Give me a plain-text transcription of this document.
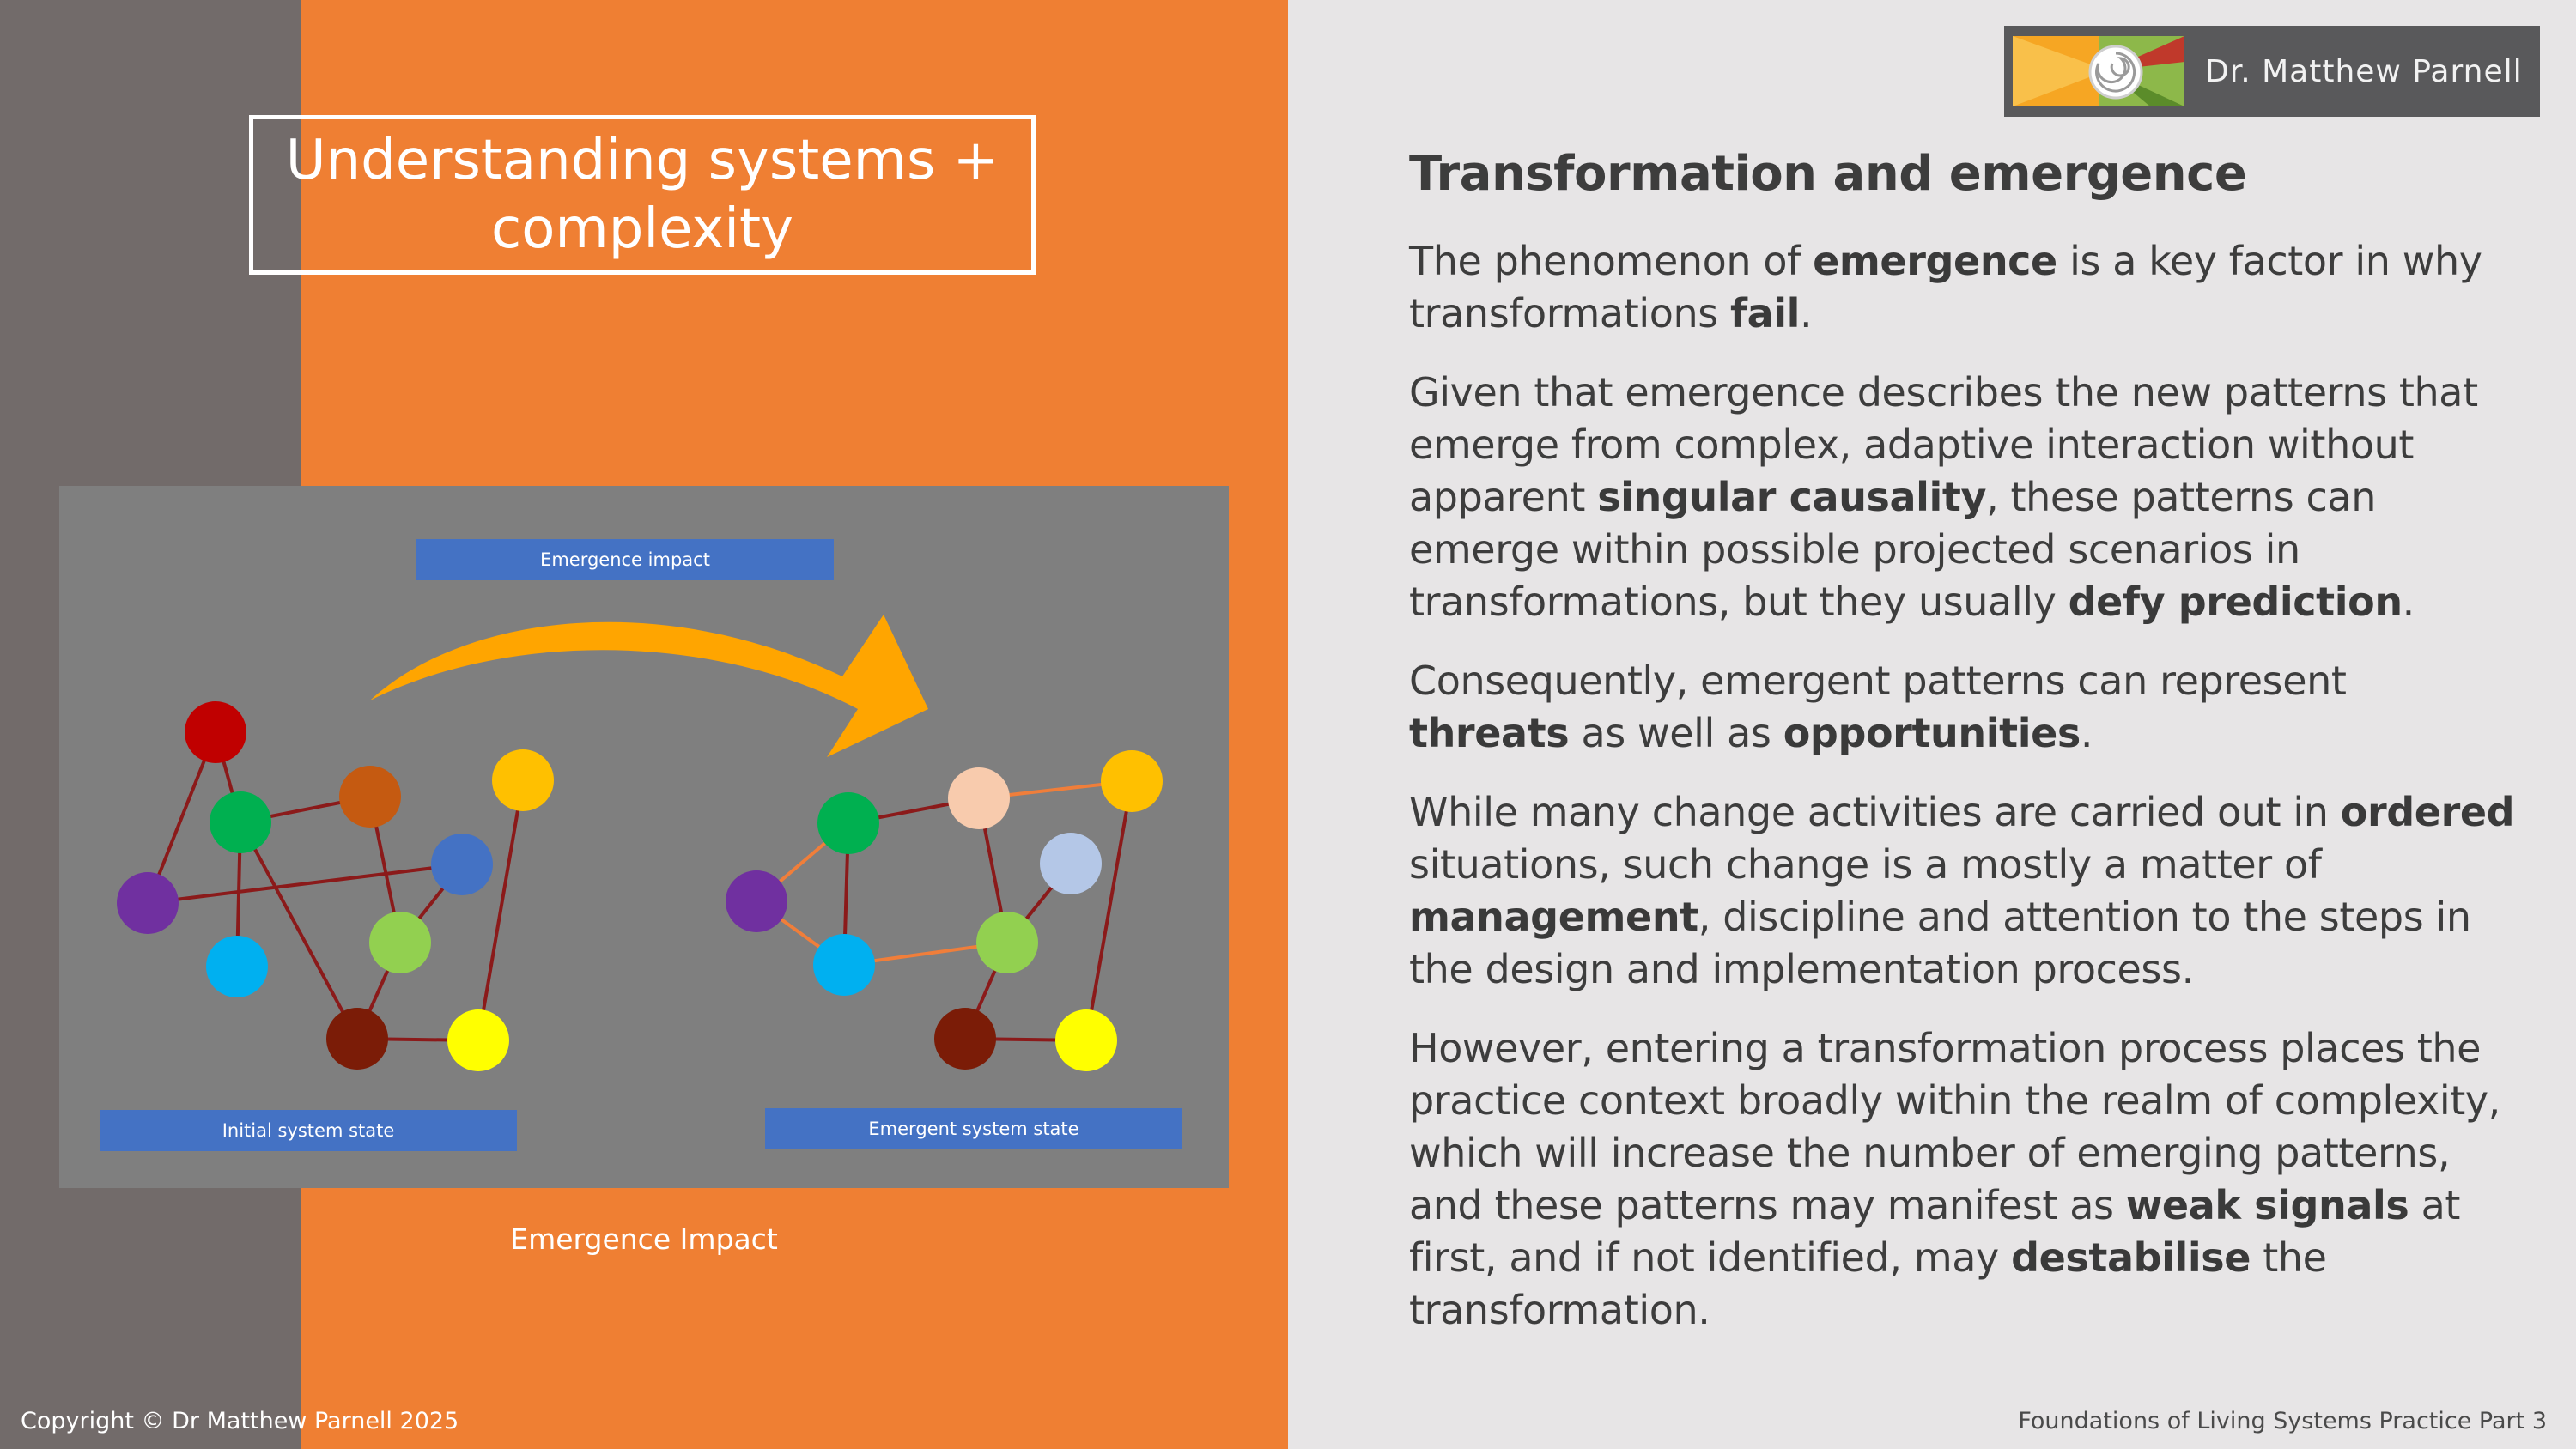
Understanding systems +
complexity
Emergence impact
Initial system state	Emergent system state
Emergence Impact
Dr. Matthew Parnell
Transformation and emergence

The phenomenon of emergence is a key factor in why transformations fail.

Given that emergence describes the new patterns that emerge from complex, adaptive interaction without apparent singular causality, these patterns can emerge within possible projected scenarios in transformations, but they usually defy prediction.

Consequently, emergent patterns can represent threats as well as opportunities.

While many change activities are carried out in ordered situations, such change is a mostly a matter of management, discipline and attention to the steps in the design and implementation process.

However, entering a transformation process places the practice context broadly within the realm of complexity, which will increase the number of emerging patterns, and these patterns may manifest as weak signals at first, and if not identified, may destabilise the transformation.

Copyright © Dr Matthew Parnell 2025	Foundations of Living Systems Practice Part 3
